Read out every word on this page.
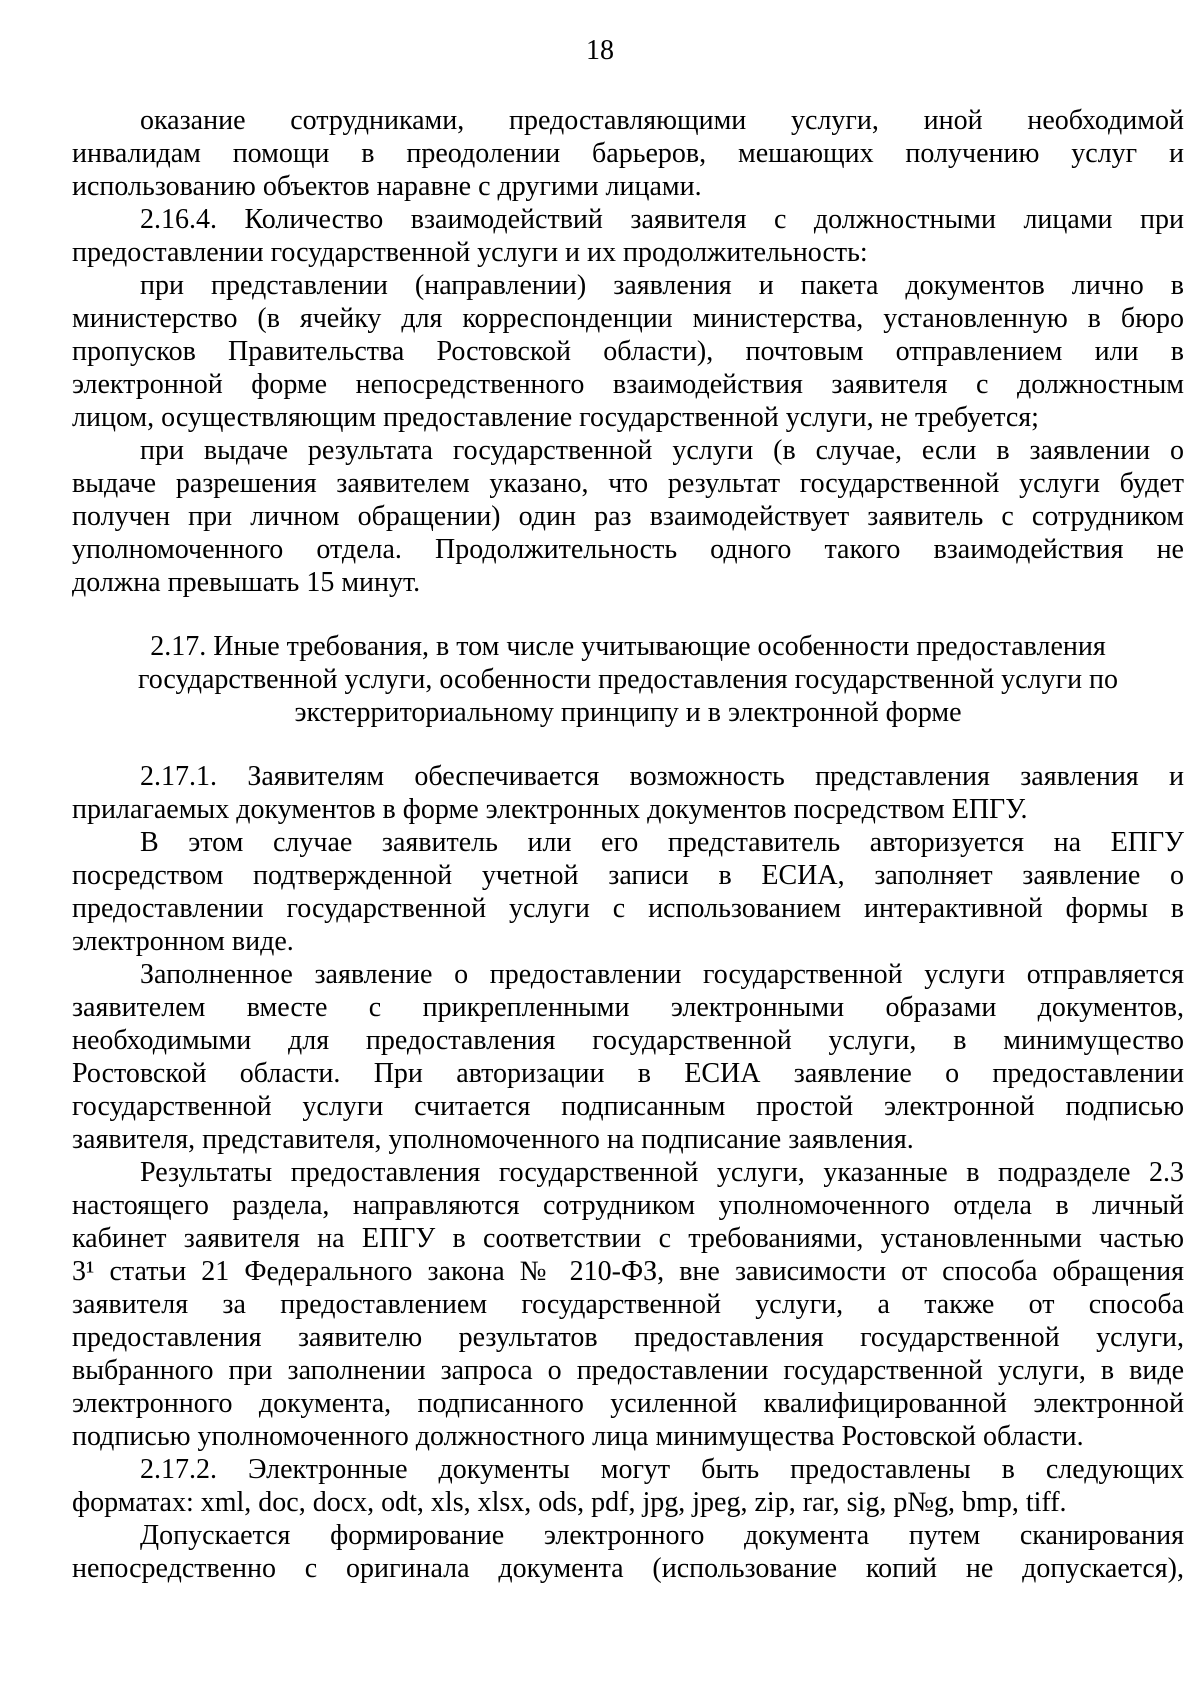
18
оказание сотрудниками, предоставляющими услуги, иной необходимой
инвалидам помощи в преодолении барьеров, мешающих получению услуг и
использованию объектов наравне с другими лицами.
2.16.4. Количество взаимодействий заявителя с должностными лицами при
предоставлении государственной услуги и их продолжительность:
при представлении (направлении) заявления и пакета документов лично в
министерство (в ячейку для корреспонденции министерства, установленную в бюро
пропусков Правительства Ростовской области), почтовым отправлением или в
электронной форме непосредственного взаимодействия заявителя с должностным
лицом, осуществляющим предоставление государственной услуги, не требуется;
при выдаче результата государственной услуги (в случае, если в заявлении о
выдаче разрешения заявителем указано, что результат государственной услуги будет
получен при личном обращении) один раз взаимодействует заявитель с сотрудником
уполномоченного отдела. Продолжительность одного такого взаимодействия не
должна превышать 15 минут.
2.17. Иные требования, в том числе учитывающие особенности предоставления
государственной услуги, особенности предоставления государственной услуги по
экстерриториальному принципу и в электронной форме
2.17.1. Заявителям обеспечивается возможность представления заявления и
прилагаемых документов в форме электронных документов посредством ЕПГУ.
В этом случае заявитель или его представитель авторизуется на ЕПГУ
посредством подтвержденной учетной записи в ЕСИА, заполняет заявление о
предоставлении государственной услуги с использованием интерактивной формы в
электронном виде.
Заполненное заявление о предоставлении государственной услуги отправляется
заявителем вместе с прикрепленными электронными образами документов,
необходимыми для предоставления государственной услуги, в минимущество
Ростовской области. При авторизации в ЕСИА заявление о предоставлении
государственной услуги считается подписанным простой электронной подписью
заявителя, представителя, уполномоченного на подписание заявления.
Результаты предоставления государственной услуги, указанные в подразделе 2.3
настоящего раздела, направляются сотрудником уполномоченного отдела в личный
кабинет заявителя на ЕПГУ в соответствии с требованиями, установленными частью
3¹ статьи 21 Федерального закона № 210-ФЗ, вне зависимости от способа обращения
заявителя за предоставлением государственной услуги, а также от способа
предоставления заявителю результатов предоставления государственной услуги,
выбранного при заполнении запроса о предоставлении государственной услуги, в виде
электронного документа, подписанного усиленной квалифицированной электронной
подписью уполномоченного должностного лица минимущества Ростовской области.
2.17.2. Электронные документы могут быть предоставлены в следующих
форматах: xml, doc, docx, odt, xls, xlsx, ods, pdf, jpg, jpeg, zip, rar, sig, p№g, bmp, tiff.
Допускается формирование электронного документа путем сканирования
непосредственно с оригинала документа (использование копий не допускается),
